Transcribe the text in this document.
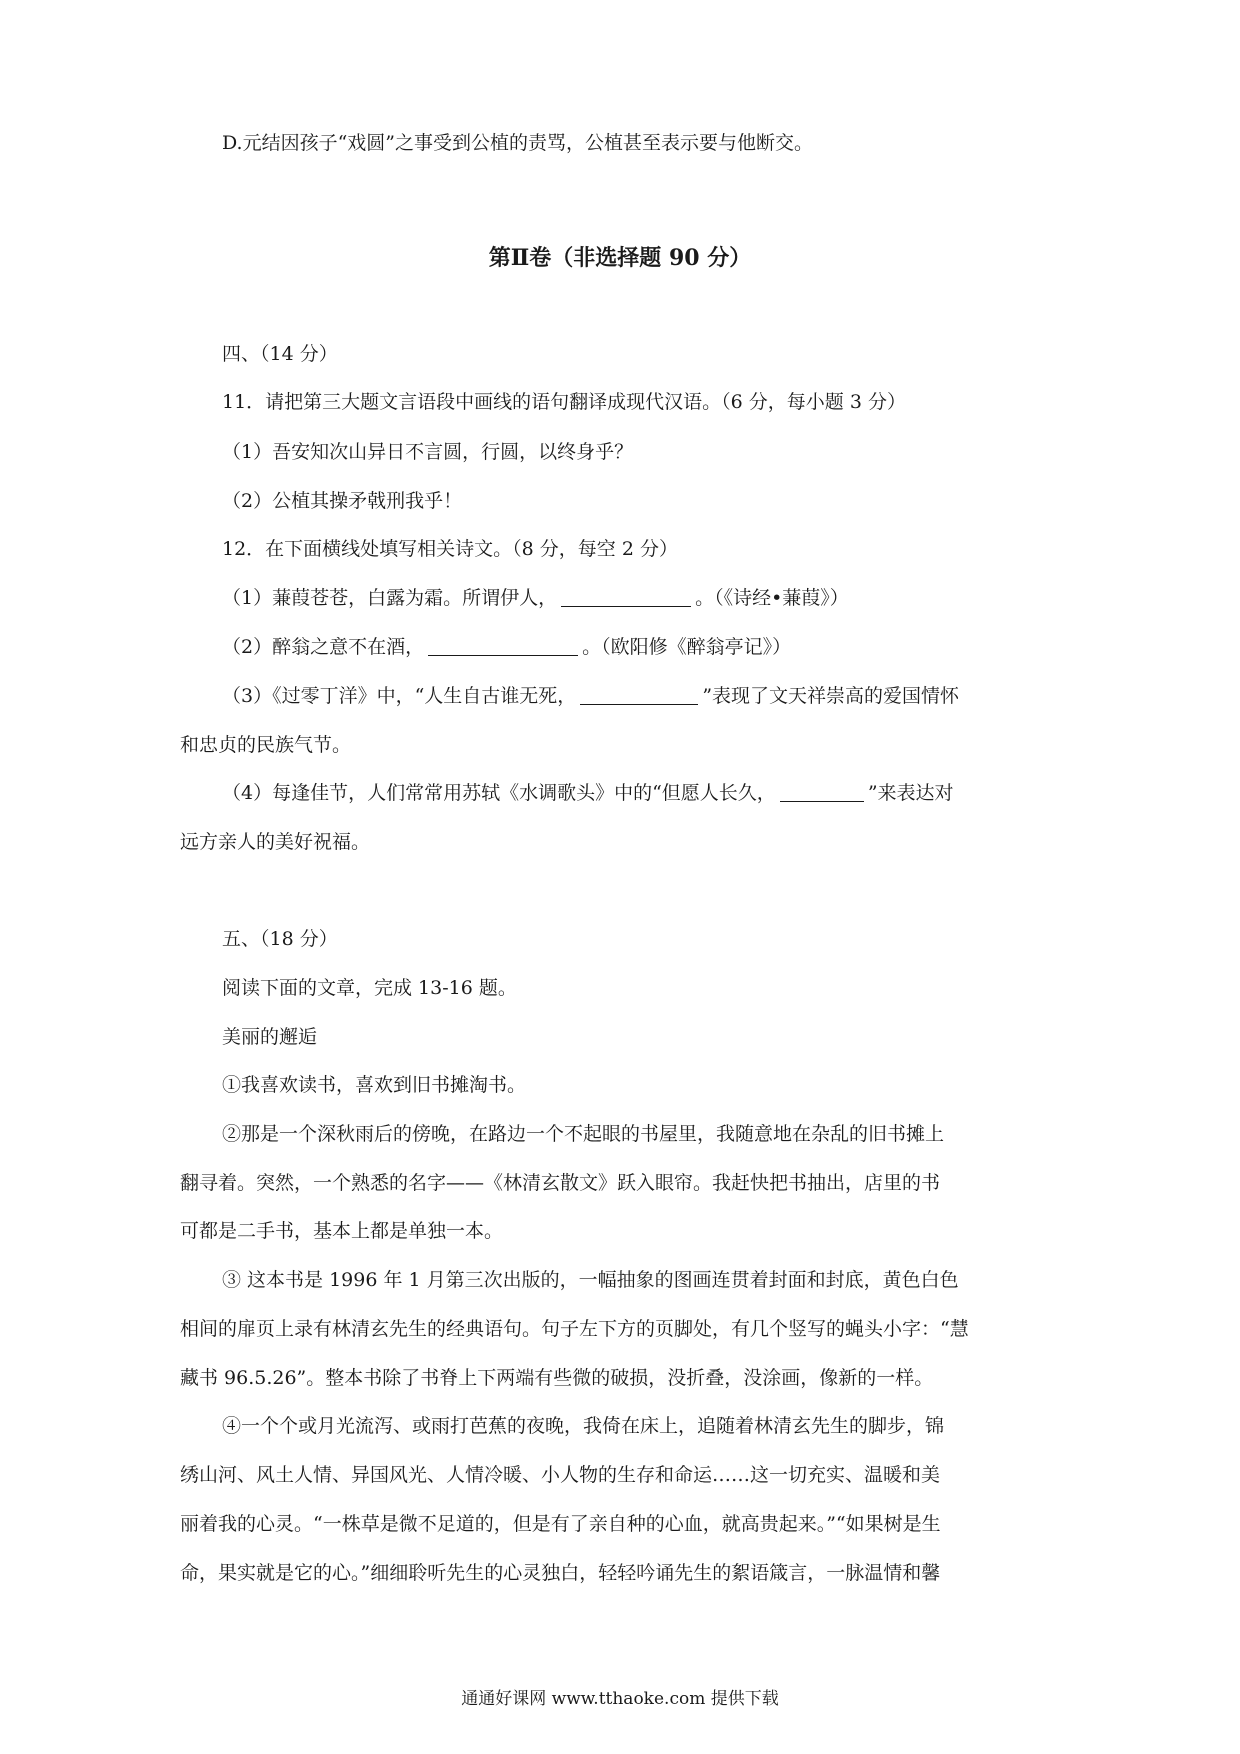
D.元结因孩子“戏圆”之事受到公植的责骂，公植甚至表示要与他断交。
第Ⅱ卷（非选择题 90 分）
四、（14 分）
11．请把第三大题文言语段中画线的语句翻译成现代汉语。（6 分，每小题 3 分）
（1）吾安知次山异日不言圆，行圆，以终身乎？
（2）公植其操矛戟刑我乎！
12．在下面横线处填写相关诗文。（8 分，每空 2 分）
（1）蒹葭苍苍，白露为霜。所谓伊人，	。（《诗经•蒹葭》）
（2）醉翁之意不在酒，	。（欧阳修《醉翁亭记》）
（3）《过零丁洋》中，“人生自古谁无死，	”表现了文天祥崇高的爱国情怀
和忠贞的民族气节。
（4）每逢佳节，人们常常用苏轼《水调歌头》中的“但愿人长久，	”来表达对
远方亲人的美好祝福。
五、（18 分）
阅读下面的文章，完成 13-16 题。
美丽的邂逅
①我喜欢读书，喜欢到旧书摊淘书。
②那是一个深秋雨后的傍晚，在路边一个不起眼的书屋里，我随意地在杂乱的旧书摊上
翻寻着。突然，一个熟悉的名字——《林清玄散文》跃入眼帘。我赶快把书抽出，店里的书
可都是二手书，基本上都是单独一本。
③ 这本书是 1996 年 1 月第三次出版的，一幅抽象的图画连贯着封面和封底，黄色白色
相间的扉页上录有林清玄先生的经典语句。句子左下方的页脚处，有几个竖写的蝇头小字：“慧
藏书 96.5.26”。整本书除了书脊上下两端有些微的破损，没折叠，没涂画，像新的一样。
④一个个或月光流泻、或雨打芭蕉的夜晚，我倚在床上，追随着林清玄先生的脚步，锦
绣山河、风土人情、异国风光、人情冷暖、小人物的生存和命运……这一切充实、温暖和美
丽着我的心灵。“一株草是微不足道的，但是有了亲自种的心血，就高贵起来。”“如果树是生
命，果实就是它的心。”细细聆听先生的心灵独白，轻轻吟诵先生的絮语箴言，一脉温情和馨
通通好课网 www.tthaoke.com 提供下载
